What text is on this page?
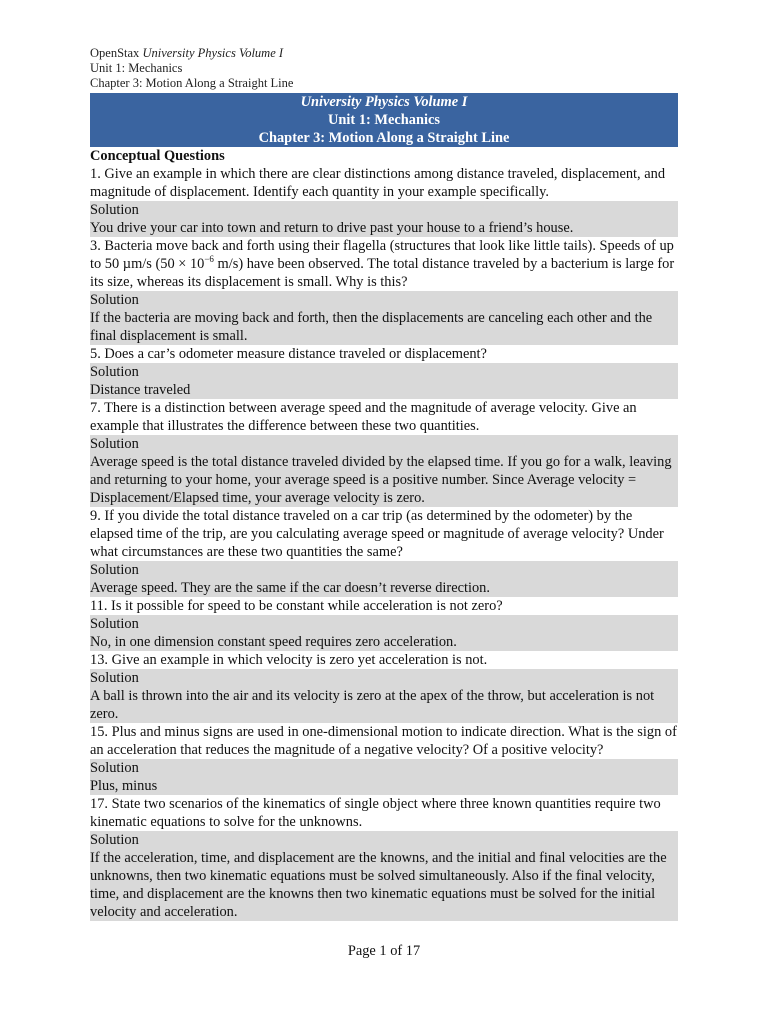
OpenStax University Physics Volume I
Unit 1: Mechanics
Chapter 3: Motion Along a Straight Line
University Physics Volume I
Unit 1: Mechanics
Chapter 3: Motion Along a Straight Line
Conceptual Questions
1. Give an example in which there are clear distinctions among distance traveled, displacement, and magnitude of displacement. Identify each quantity in your example specifically.
Solution
You drive your car into town and return to drive past your house to a friend’s house.
3. Bacteria move back and forth using their flagella (structures that look like little tails). Speeds of up to 50 µm/s ($50 \times 10^{-6}$ m/s) have been observed. The total distance traveled by a bacterium is large for its size, whereas its displacement is small. Why is this?
Solution
If the bacteria are moving back and forth, then the displacements are canceling each other and the final displacement is small.
5. Does a car’s odometer measure distance traveled or displacement?
Solution
Distance traveled
7. There is a distinction between average speed and the magnitude of average velocity. Give an example that illustrates the difference between these two quantities.
Solution
Average speed is the total distance traveled divided by the elapsed time. If you go for a walk, leaving and returning to your home, your average speed is a positive number. Since Average velocity = Displacement/Elapsed time, your average velocity is zero.
9. If you divide the total distance traveled on a car trip (as determined by the odometer) by the elapsed time of the trip, are you calculating average speed or magnitude of average velocity? Under what circumstances are these two quantities the same?
Solution
Average speed. They are the same if the car doesn’t reverse direction.
11. Is it possible for speed to be constant while acceleration is not zero?
Solution
No, in one dimension constant speed requires zero acceleration.
13. Give an example in which velocity is zero yet acceleration is not.
Solution
A ball is thrown into the air and its velocity is zero at the apex of the throw, but acceleration is not zero.
15. Plus and minus signs are used in one-dimensional motion to indicate direction. What is the sign of an acceleration that reduces the magnitude of a negative velocity? Of a positive velocity?
Solution
Plus, minus
17. State two scenarios of the kinematics of single object where three known quantities require two kinematic equations to solve for the unknowns.
Solution
If the acceleration, time, and displacement are the knowns, and the initial and final velocities are the unknowns, then two kinematic equations must be solved simultaneously. Also if the final velocity, time, and displacement are the knowns then two kinematic equations must be solved for the initial velocity and acceleration.
Page 1 of 17
